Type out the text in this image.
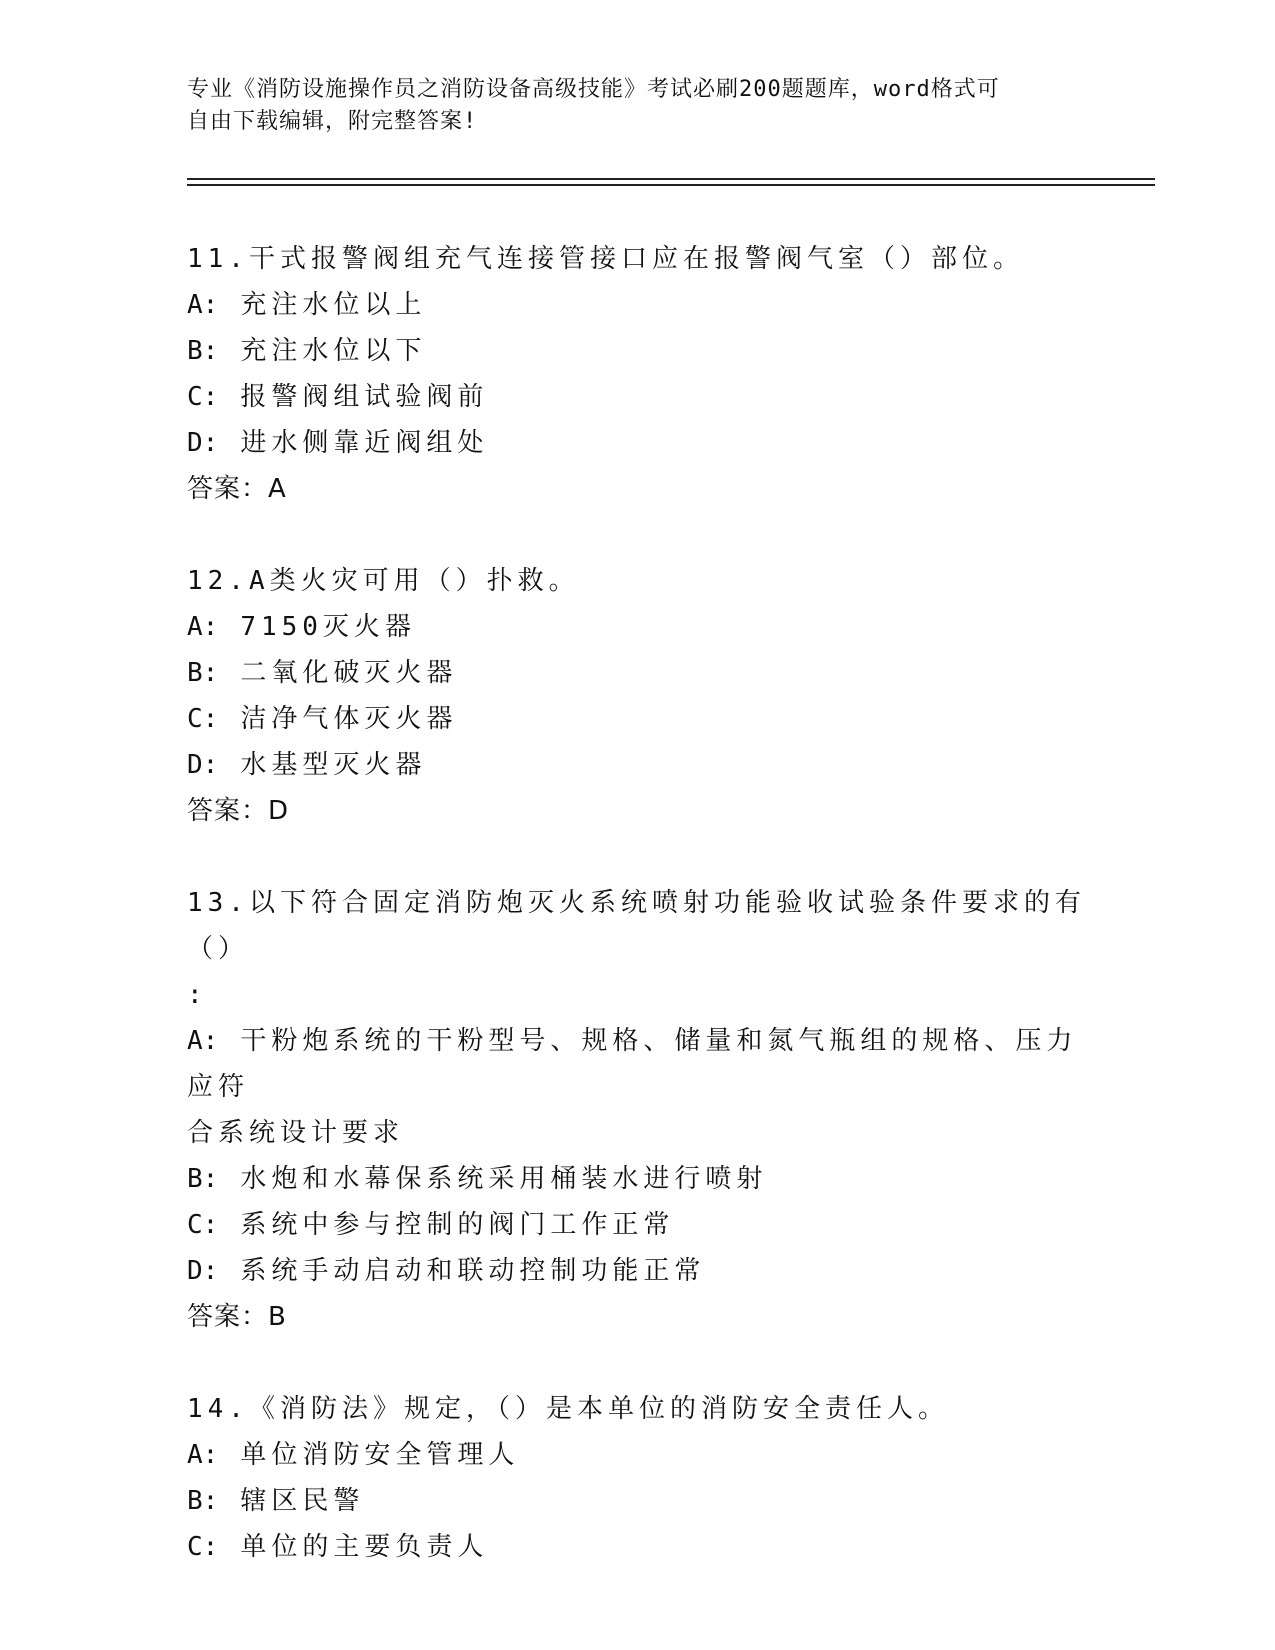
专业《消防设施操作员之消防设备高级技能》考试必刷200题题库，word格式可
自由下载编辑，附完整答案!
11.干式报警阀组充气连接管接口应在报警阀气室（）部位。
A: 充注水位以上
B: 充注水位以下
C: 报警阀组试验阀前
D: 进水侧靠近阀组处
答案：A
12.A类火灾可用（）扑救。
A: 7150灭火器
B: 二氧化破灭火器
C: 洁净气体灭火器
D: 水基型灭火器
答案：D
13.以下符合固定消防炮灭火系统喷射功能验收试验条件要求的有（）
:
A: 干粉炮系统的干粉型号、规格、储量和氮气瓶组的规格、压力应符
合系统设计要求
B: 水炮和水幕保系统采用桶装水进行喷射
C: 系统中参与控制的阀门工作正常
D: 系统手动启动和联动控制功能正常
答案：B
14.《消防法》规定，（）是本单位的消防安全责任人。
A: 单位消防安全管理人
B: 辖区民警
C: 单位的主要负责人
